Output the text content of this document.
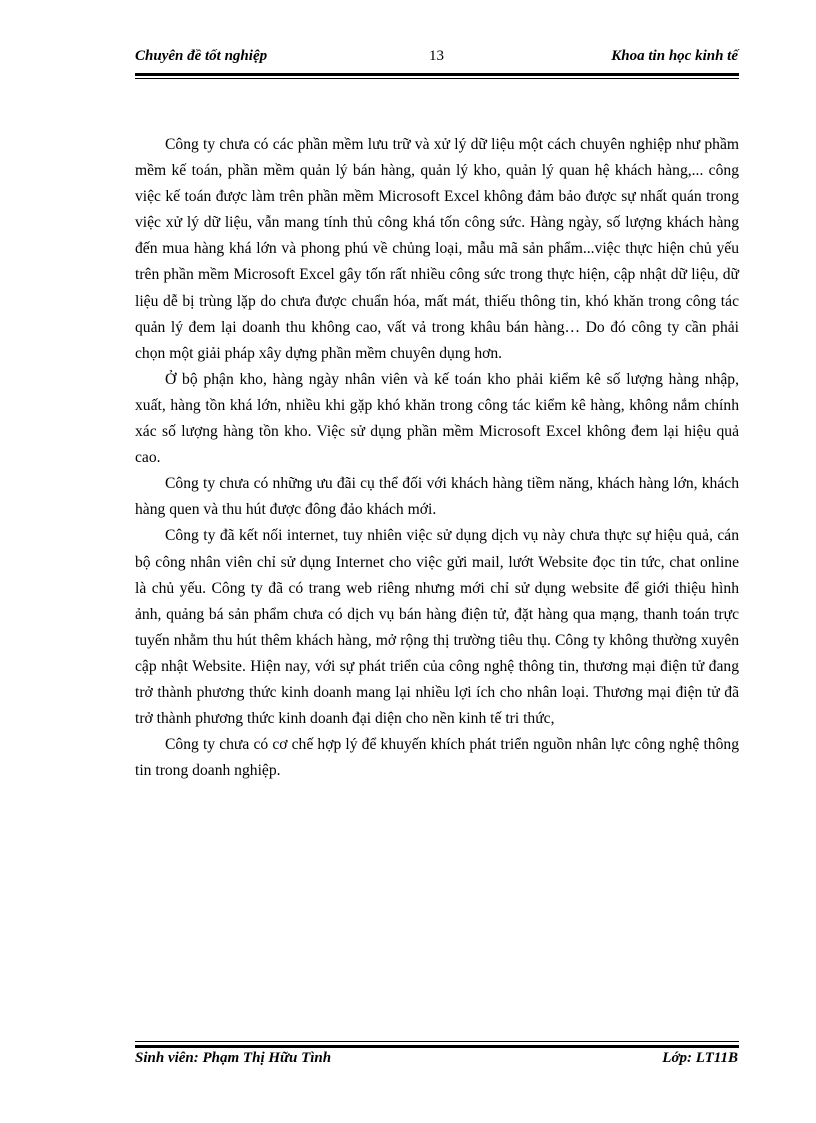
Chuyên đề tốt nghiệp	13	Khoa tin học kinh tế

Công ty chưa có các phần mềm lưu trữ và xử lý dữ liệu một cách chuyên nghiệp như phầm mềm kế toán, phần mềm quản lý bán hàng, quản lý kho, quản lý quan hệ khách hàng,... công việc kế toán được làm trên phần mềm Microsoft Excel không đảm bảo được sự nhất quán trong việc xử lý dữ liệu, vẫn mang tính thủ công khá tốn công sức. Hàng ngày, số lượng khách hàng đến mua hàng khá lớn và phong phú về chủng loại, mẫu mã sản phẩm...việc thực hiện chủ yếu trên phần mềm Microsoft Excel gây tốn rất nhiều công sức trong thực hiện, cập nhật dữ liệu, dữ liệu dễ bị trùng lặp do chưa được chuẩn hóa, mất mát, thiếu thông tin, khó khăn trong công tác quản lý đem lại doanh thu không cao, vất vả trong khâu bán hàng… Do đó công ty cần phải chọn một giải pháp xây dựng phần mềm chuyên dụng hơn.

Ở bộ phận kho, hàng ngày nhân viên và kế toán kho phải kiểm kê số lượng hàng nhập, xuất, hàng tồn khá lớn, nhiều khi gặp khó khăn trong công tác kiểm kê hàng, không nắm chính xác số lượng hàng tồn kho. Việc sử dụng phần mềm Microsoft Excel không đem lại hiệu quả cao.

Công ty chưa có những ưu đãi cụ thể đối với khách hàng tiềm năng, khách hàng lớn, khách hàng quen và thu hút được đông đảo khách mới.

Công ty đã kết nối internet, tuy nhiên việc sử dụng dịch vụ này chưa thực sự hiệu quả, cán bộ công nhân viên chỉ sử dụng Internet cho việc gửi mail, lướt Website đọc tin tức, chat online là chủ yếu. Công ty đã có trang web riêng nhưng mới chỉ sử dụng website để giới thiệu hình ảnh, quảng bá sản phẩm chưa có dịch vụ bán hàng điện tử, đặt hàng qua mạng, thanh toán trực tuyến nhằm thu hút thêm khách hàng, mở rộng thị trường tiêu thụ. Công ty không thường xuyên cập nhật Website. Hiện nay, với sự phát triển của công nghệ thông tin, thương mại điện tử đang trở thành phương thức kinh doanh mang lại nhiều lợi ích cho nhân loại. Thương mại điện tử đã trở thành phương thức kinh doanh đại diện cho nền kinh tế tri thức,

Công ty chưa có cơ chế hợp lý để khuyến khích phát triển nguồn nhân lực công nghệ thông tin trong doanh nghiệp.

Sinh viên: Phạm Thị Hữu Tình	Lớp: LT11B
